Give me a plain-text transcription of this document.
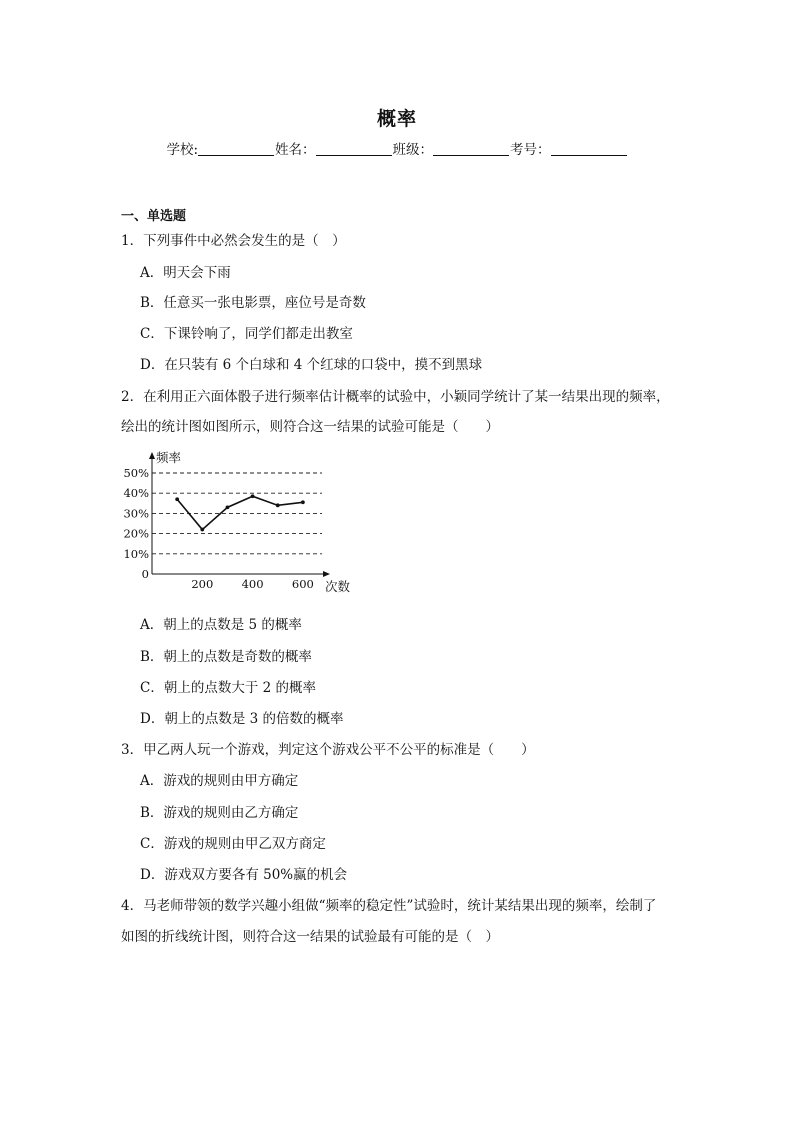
概率
学校:	姓名：	班级：	考号：
一、单选题
1．下列事件中必然会发生的是（　）
A．明天会下雨
B．任意买一张电影票，座位号是奇数
C．下课铃响了，同学们都走出教室
D．在只装有 6 个白球和 4 个红球的口袋中，摸不到黑球
2．在利用正六面体骰子进行频率估计概率的试验中，小颖同学统计了某一结果出现的频率，
绘出的统计图如图所示，则符合这一结果的试验可能是（　　）
0
10%
20%
30%
40%
50%
200 400 600
频率
次数
A．朝上的点数是 5 的概率
B．朝上的点数是奇数的概率
C．朝上的点数大于 2 的概率
D．朝上的点数是 3 的倍数的概率
3．甲乙两人玩一个游戏，判定这个游戏公平不公平的标准是（　　）
A．游戏的规则由甲方确定
B．游戏的规则由乙方确定
C．游戏的规则由甲乙双方商定
D．游戏双方要各有 50%赢的机会
4．马老师带领的数学兴趣小组做“频率的稳定性”试验时，统计某结果出现的频率，绘制了
如图的折线统计图，则符合这一结果的试验最有可能的是（　）
